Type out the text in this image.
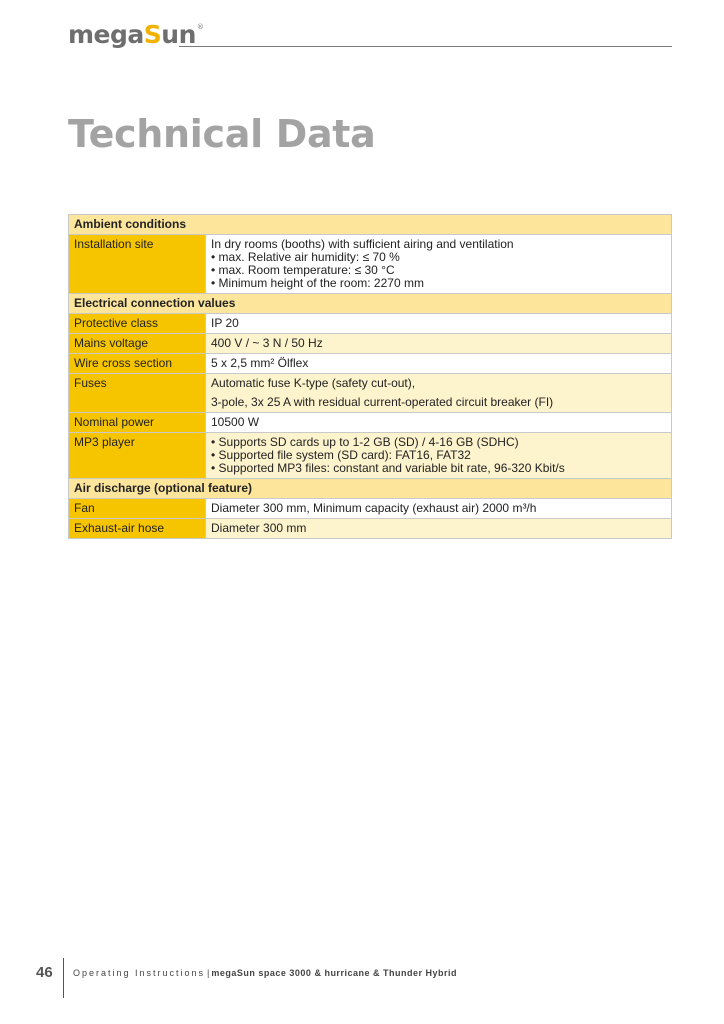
megaSun®
Technical Data
Ambient conditions	
Installation site	In dry rooms (booths) with sufficient airing and ventilation
• max. Relative air humidity: ≤ 70 %
• max. Room temperature: ≤ 30 °C
• Minimum height of the room: 2270 mm

Electrical connection values	
Protective class	IP 20

Mains voltage	400 V / ~ 3 N / 50 Hz

Wire cross section	5 x 2,5 mm² Ölflex

Fuses	Automatic fuse K-type (safety cut-out),
3-pole, 3x 25 A with residual current-operated circuit breaker (FI)

Nominal power	10500 W

MP3 player	• Supports SD cards up to 1-2 GB (SD) / 4-16 GB (SDHC)
• Supported file system (SD card): FAT16, FAT32
• Supported MP3 files: constant and variable bit rate, 96-320 Kbit/s

Air discharge (optional feature)	
Fan	Diameter 300 mm, Minimum capacity (exhaust air) 2000 m³/h

Exhaust-air hose	Diameter 300 mm
46 Operating Instructions | megaSun space 3000 & hurricane & Thunder Hybrid
